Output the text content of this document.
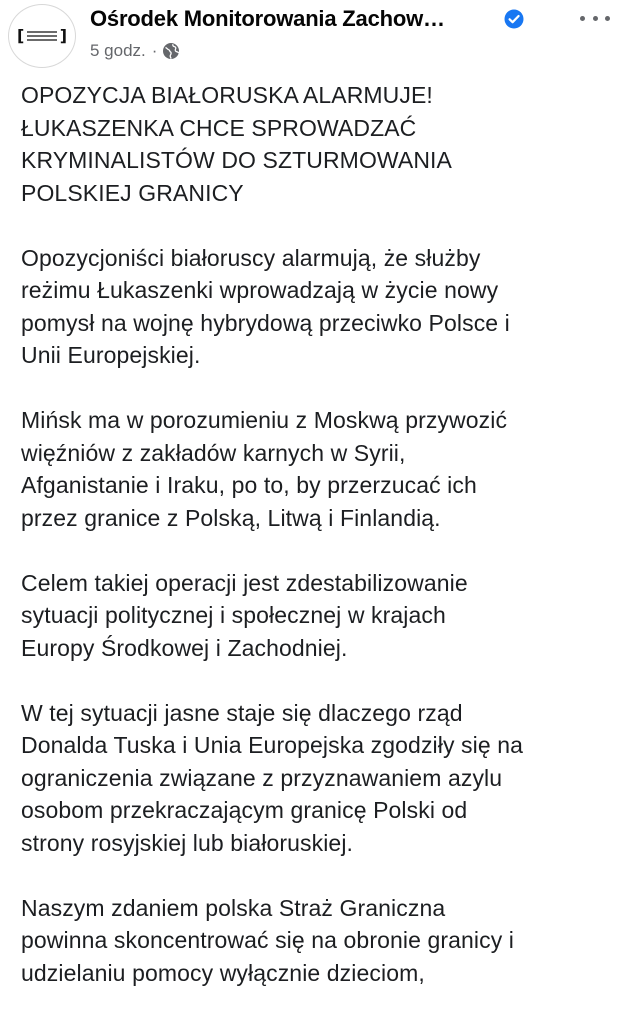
[ ]
Ośrodek Monitorowania Zachow…
5 godz. ·

OPOZYCJA BIAŁORUSKA ALARMUJE!
ŁUKASZENKA CHCE SPROWADZAĆ
KRYMINALISTÓW DO SZTURMOWANIA
POLSKIEJ GRANICY

Opozycjoniści białoruscy alarmują, że służby
reżimu Łukaszenki wprowadzają w życie nowy
pomysł na wojnę hybrydową przeciwko Polsce i
Unii Europejskiej.

Mińsk ma w porozumieniu z Moskwą przywozić
więźniów z zakładów karnych w Syrii,
Afganistanie i Iraku, po to, by przerzucać ich
przez granice z Polską, Litwą i Finlandią.

Celem takiej operacji jest zdestabilizowanie
sytuacji politycznej i społecznej w krajach
Europy Środkowej i Zachodniej.

W tej sytuacji jasne staje się dlaczego rząd
Donalda Tuska i Unia Europejska zgodziły się na
ograniczenia związane z przyznawaniem azylu
osobom przekraczającym granicę Polski od
strony rosyjskiej lub białoruskiej.

Naszym zdaniem polska Straż Graniczna
powinna skoncentrować się na obronie granicy i
udzielaniu pomocy wyłącznie dzieciom,
